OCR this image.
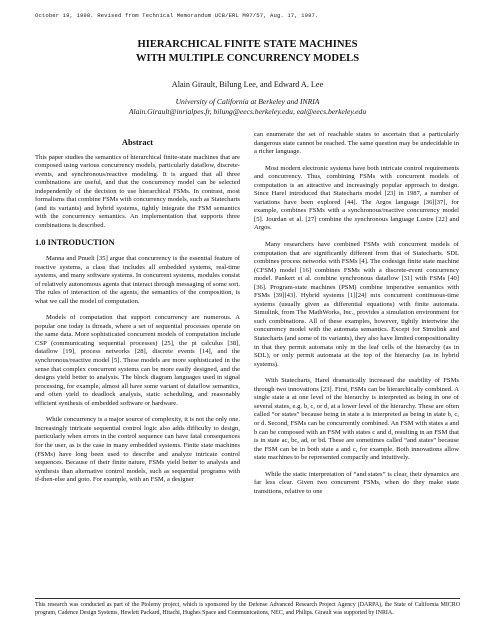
October 19, 1998. Revised from Technical Memorandum UCB/ERL M97/57, Aug. 17, 1997.
HIERARCHICAL FINITE STATE MACHINES
WITH MULTIPLE CONCURRENCY MODELS
Alain Girault, Bilung Lee, and Edward A. Lee
University of California at Berkeley and INRIA
Alain.Girault@inrialpes.fr, bilung@eecs.berkeley.edu, eal@eecs.berkeley.edu
Abstract

This paper studies the semantics of hierarchical finite-state machines that are composed using various concurrency models, particularly dataflow, discrete-events, and synchronous/reactive modeling. It is argued that all three combinations are useful, and that the concurrency model can be selected independently of the decision to use hierarchical FSMs. In contrast, most formalisms that combine FSMs with concurrency models, such as Statecharts (and its variants) and hybrid systems, tightly integrate the FSM semantics with the concurrency semantics. An implementation that supports three combinations is described.

1.0 INTRODUCTION

Manna and Pnueli [35] argue that concurrency is the essential feature of reactive systems, a class that includes all embedded systems, real-time systems, and many software systems. In concurrent systems, modules consist of relatively autonomous agents that interact through messaging of some sort. The rules of interaction of the agents, the semantics of the composition, is what we call the model of computation.

Models of computation that support concurrency are numerous. A popular one today is threads, where a set of sequential processes operate on the same data. More sophisticated concurrent models of computation include CSP (communicating sequential processes) [25], the pi calculus [38], dataflow [19], process networks [28], discrete events [14], and the synchronous/reactive model [5]. These models are more sophisticated in the sense that complex concurrent systems can be more easily designed, and the designs yield better to analysis. The block diagram languages used in signal processing, for example, almost all have some variant of dataflow semantics, and often yield to deadlock analysis, static scheduling, and reasonably efficient synthesis of embedded software or hardware.

While concurrency is a major source of complexity, it is not the only one. Increasingly intricate sequential control logic also adds difficulty to design, particularly when errors in the control sequence can have fatal consequences for the user, as is the case in many embedded systems. Finite state machines (FSMs) have long been used to describe and analyze intricate control sequences. Because of their finite nature, FSMs yield better to analysis and synthesis than alternative control models, such as sequential programs with if-then-else and goto. For example, with an FSM, a designer

can enumerate the set of reachable states to ascertain that a particularly dangerous state cannot be reached. The same question may be undecidable in a richer language.

Most modern electronic systems have both intricate control requirements and concurrency. Thus, combining FSMs with concurrent models of computation is an attractive and increasingly popular approach to design. Since Harel introduced that Statecharts model [23] in 1987, a number of variations have been explored [44]. The Argos language [36][37], for example, combines FSMs with a synchronous/reactive concurrency model [5]. Jourdan et al. [27] combine the synchronous language Lustre [22] and Argos.

Many researchers have combined FSMs with concurrent models of computation that are significantly different from that of Statecharts. SDL combines process networks with FSMs [4]. The codesign finite state machine (CFSM) model [16] combines FSMs with a discrete-event concurrency model. Pankert et al. combine synchronous dataflow [31] with FSMs [40][36]. Program-state machines (PSM) combine imperative semantics with FSMs [39][43]. Hybrid systems [1][24] mix concurrent continuous-time systems (usually given as differential equations) with finite automata. Simulink, from The MathWorks, Inc., provides a simulation environment for such combinations. All of these examples, however, tightly intertwine the concurrency model with the automata semantics. Except for Simulink and Statecharts (and some of its variants), they also have limited compositionality in that they permit automata only in the leaf cells of the hierarchy (as in SDL), or only permit automata at the top of the hierarchy (as in hybrid systems).

With Statecharts, Harel dramatically increased the usability of FSMs through two innovations [23]. First, FSMs can be hierarchically combined. A single state a at one level of the hierarchy is interpreted as being in one of several states, e.g. b, c, or d, at a lower level of the hierarchy. These are often called “or states” because being in state a is interpreted as being in state b, c, or d. Second, FSMs can be concurrently combined. An FSM with states a and b can be composed with an FSM with states c and d, resulting in an FSM that is in state ac, bc, ad, or bd. These are sometimes called “and states” because the FSM can be in both state a and c, for example. Both innovations allow state machines to be represented compactly and intuitively.

While the static interpretation of “and states” is clear, their dynamics are far less clear. Given two concurrent FSMs, when do they make state transitions, relative to one

This research was conducted as part of the Ptolemy project, which is sponsored by the Defense Advanced Research Project Agency (DARPA), the State of California MICRO program, Cadence Design Systems, Hewlett Packard, Hitachi, Hughes Space and Communications, NEC, and Philips. Girault was supported by INRIA.
